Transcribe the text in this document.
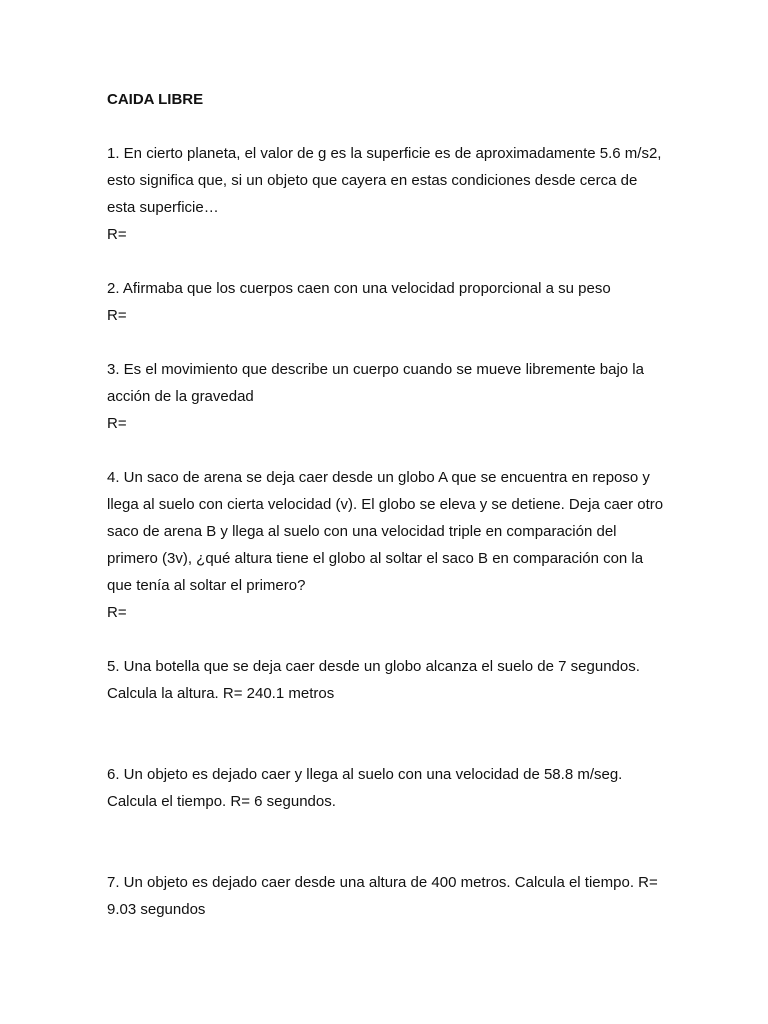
CAIDA LIBRE

1. En cierto planeta, el valor de g es la superficie es de aproximadamente 5.6 m/s2, esto significa que, si un objeto que cayera en estas condiciones desde cerca de esta superficie…

R=

2. Afirmaba que los cuerpos caen con una velocidad proporcional a su peso

R=

3. Es el movimiento que describe un cuerpo cuando se mueve libremente bajo la acción de la gravedad

R=

4. Un saco de arena se deja caer desde un globo A que se encuentra en reposo y llega al suelo con cierta velocidad (v). El globo se eleva y se detiene. Deja caer otro saco de arena B y llega al suelo con una velocidad triple en comparación del primero (3v), ¿qué altura tiene el globo al soltar el saco B en comparación con la que tenía al soltar el primero?

R=

5. Una botella que se deja caer desde un globo alcanza el suelo de 7 segundos. Calcula la altura. R= 240.1 metros

6. Un objeto es dejado caer y llega al suelo con una velocidad de 58.8 m/seg. Calcula el tiempo. R= 6 segundos.

7. Un objeto es dejado caer desde una altura de 400 metros. Calcula el tiempo. R= 9.03 segundos
